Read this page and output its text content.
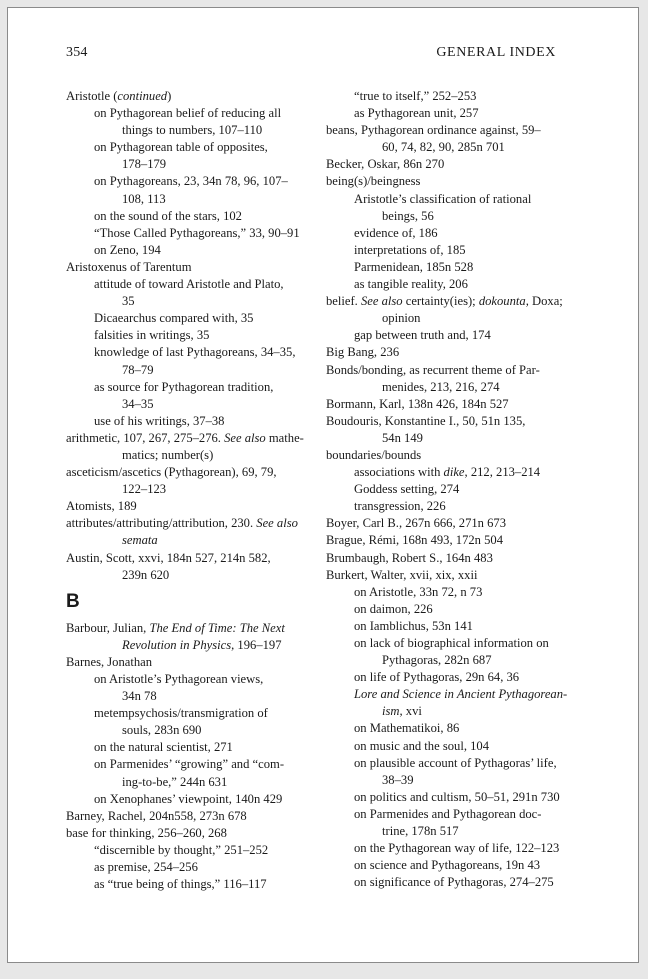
354	GENERAL INDEX
Aristotle (continued)
on Pythagorean belief of reducing all
things to numbers, 107–110
on Pythagorean table of opposites,
178–179
on Pythagoreans, 23, 34n 78, 96, 107–
108, 113
on the sound of the stars, 102
“Those Called Pythagoreans,” 33, 90–91
on Zeno, 194
Aristoxenus of Tarentum
attitude of toward Aristotle and Plato,
35
Dicaearchus compared with, 35
falsities in writings, 35
knowledge of last Pythagoreans, 34–35,
78–79
as source for Pythagorean tradition,
34–35
use of his writings, 37–38
arithmetic, 107, 267, 275–276. See also mathe-
matics; number(s)
asceticism/ascetics (Pythagorean), 69, 79,
122–123
Atomists, 189
attributes/attributing/attribution, 230. See also
semata
Austin, Scott, xxvi, 184n 527, 214n 582,
239n 620
B
Barbour, Julian, The End of Time: The Next
Revolution in Physics, 196–197
Barnes, Jonathan
on Aristotle’s Pythagorean views,
34n 78
metempsychosis/transmigration of
souls, 283n 690
on the natural scientist, 271
on Parmenides’ “growing” and “com-
ing-to-be,” 244n 631
on Xenophanes’ viewpoint, 140n 429
Barney, Rachel, 204n558, 273n 678
base for thinking, 256–260, 268
“discernible by thought,” 251–252
as premise, 254–256
as “true being of things,” 116–117
“true to itself,” 252–253
as Pythagorean unit, 257
beans, Pythagorean ordinance against, 59–
60, 74, 82, 90, 285n 701
Becker, Oskar, 86n 270
being(s)/beingness
Aristotle’s classification of rational
beings, 56
evidence of, 186
interpretations of, 185
Parmenidean, 185n 528
as tangible reality, 206
belief. See also certainty(ies); dokounta, Doxa;
opinion
gap between truth and, 174
Big Bang, 236
Bonds/bonding, as recurrent theme of Par-
menides, 213, 216, 274
Bormann, Karl, 138n 426, 184n 527
Boudouris, Konstantine I., 50, 51n 135,
54n 149
boundaries/bounds
associations with dike, 212, 213–214
Goddess setting, 274
transgression, 226
Boyer, Carl B., 267n 666, 271n 673
Brague, Rémi, 168n 493, 172n 504
Brumbaugh, Robert S., 164n 483
Burkert, Walter, xvii, xix, xxii
on Aristotle, 33n 72, n 73
on daimon, 226
on Iamblichus, 53n 141
on lack of biographical information on
Pythagoras, 282n 687
on life of Pythagoras, 29n 64, 36
Lore and Science in Ancient Pythagorean-
ism, xvi
on Mathematikoi, 86
on music and the soul, 104
on plausible account of Pythagoras’ life,
38–39
on politics and cultism, 50–51, 291n 730
on Parmenides and Pythagorean doc-
trine, 178n 517
on the Pythagorean way of life, 122–123
on science and Pythagoreans, 19n 43
on significance of Pythagoras, 274–275
